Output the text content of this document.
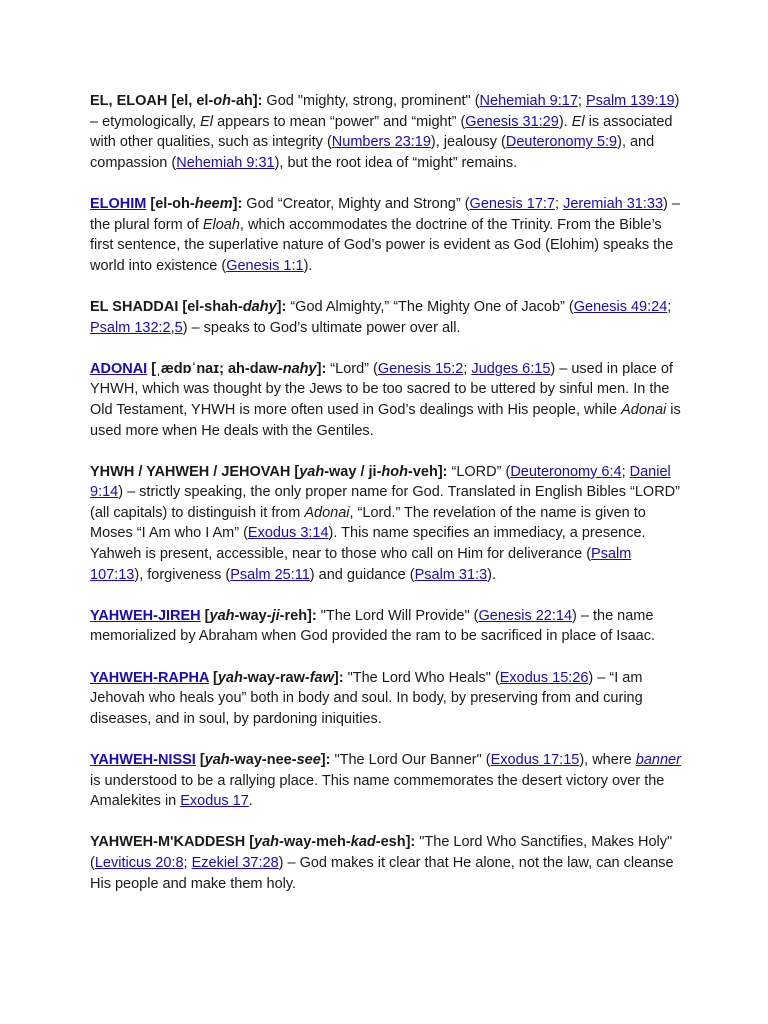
EL, ELOAH [el, el-oh-ah]: God "mighty, strong, prominent" (Nehemiah 9:17; Psalm 139:19) – etymologically, El appears to mean “power” and “might” (Genesis 31:29). El is associated with other qualities, such as integrity (Numbers 23:19), jealousy (Deuteronomy 5:9), and compassion (Nehemiah 9:31), but the root idea of “might” remains.

ELOHIM [el-oh-heem]: God “Creator, Mighty and Strong” (Genesis 17:7; Jeremiah 31:33) – the plural form of Eloah, which accommodates the doctrine of the Trinity. From the Bible’s first sentence, the superlative nature of God’s power is evident as God (Elohim) speaks the world into existence (Genesis 1:1).

EL SHADDAI [el-shah-dahy]: “God Almighty,” “The Mighty One of Jacob” (Genesis 49:24; Psalm 132:2,5) – speaks to God’s ultimate power over all.

ADONAI [ˌædɒˈnaɪ; ah-daw-nahy]: “Lord” (Genesis 15:2; Judges 6:15) – used in place of YHWH, which was thought by the Jews to be too sacred to be uttered by sinful men. In the Old Testament, YHWH is more often used in God’s dealings with His people, while Adonai is used more when He deals with the Gentiles.

YHWH / YAHWEH / JEHOVAH [yah-way / ji-hoh-veh]: “LORD” (Deuteronomy 6:4; Daniel 9:14) – strictly speaking, the only proper name for God. Translated in English Bibles “LORD” (all capitals) to distinguish it from Adonai, “Lord.” The revelation of the name is given to Moses “I Am who I Am” (Exodus 3:14). This name specifies an immediacy, a presence. Yahweh is present, accessible, near to those who call on Him for deliverance (Psalm 107:13), forgiveness (Psalm 25:11) and guidance (Psalm 31:3).

YAHWEH-JIREH [yah-way-ji-reh]: "The Lord Will Provide" (Genesis 22:14) – the name memorialized by Abraham when God provided the ram to be sacrificed in place of Isaac.

YAHWEH-RAPHA [yah-way-raw-faw]: "The Lord Who Heals" (Exodus 15:26) – “I am Jehovah who heals you” both in body and soul. In body, by preserving from and curing diseases, and in soul, by pardoning iniquities.

YAHWEH-NISSI [yah-way-nee-see]: "The Lord Our Banner" (Exodus 17:15), where banner is understood to be a rallying place. This name commemorates the desert victory over the Amalekites in Exodus 17.

YAHWEH-M'KADDESH [yah-way-meh-kad-esh]: "The Lord Who Sanctifies, Makes Holy" (Leviticus 20:8; Ezekiel 37:28) – God makes it clear that He alone, not the law, can cleanse His people and make them holy.
